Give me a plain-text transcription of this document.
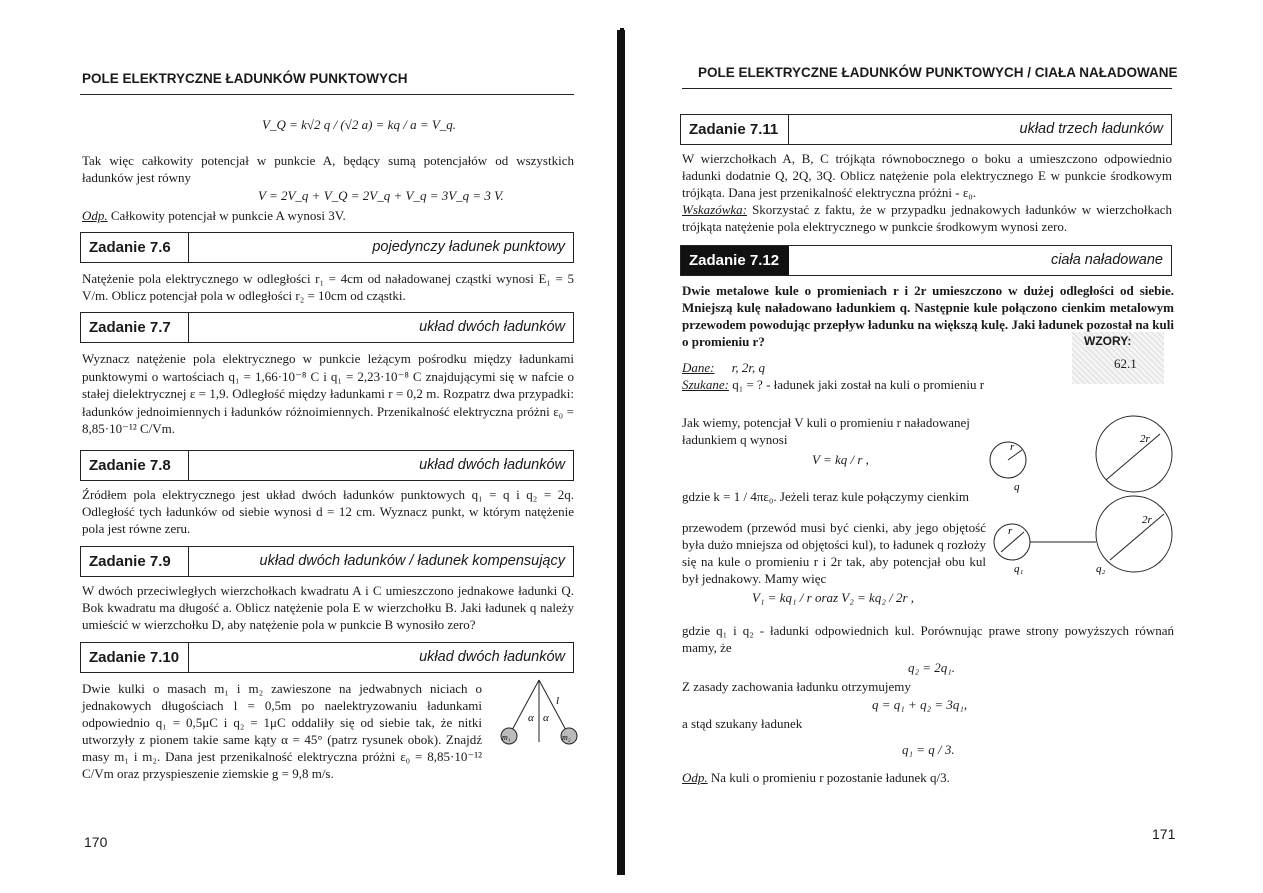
POLE ELEKTRYCZNE ŁADUNKÓW PUNKTOWYCH
V_Q = k√2 q / (√2 a) = kq / a = V_q.
Tak więc całkowity potencjał w punkcie A, będący sumą potencjałów od wszystkich ładunków jest równy
V = 2V_q + V_Q = 2V_q + V_q = 3V_q = 3 V.
Odp. Całkowity potencjał w punkcie A wynosi 3V.
Zadanie 7.6	pojedynczy ładunek punktowy
Natężenie pola elektrycznego w odległości r₁ = 4cm od naładowanej cząstki wynosi E₁ = 5 V/m. Oblicz potencjał pola w odległości r₂ = 10cm od cząstki.
Zadanie 7.7	układ dwóch ładunków
Wyznacz natężenie pola elektrycznego w punkcie leżącym pośrodku między ładunkami punktowymi o wartościach q₁ = 1,66·10⁻⁸ C i q₁ = 2,23·10⁻⁸ C znajdującymi się w nafcie o stałej dielektrycznej ε = 1,9. Odległość między ładunkami r = 0,2 m. Rozpatrz dwa przypadki: ładunków jednoimiennych i ładunków różnoimiennych. Przenikalność elektryczna próżni ε₀ = 8,85·10⁻¹² C/Vm.
Zadanie 7.8	układ dwóch ładunków
Źródłem pola elektrycznego jest układ dwóch ładunków punktowych q₁ = q i q₂ = 2q. Odległość tych ładunków od siebie wynosi d = 12 cm. Wyznacz punkt, w którym natężenie pola jest równe zeru.
Zadanie 7.9	układ dwóch ładunków / ładunek kompensujący
W dwóch przeciwległych wierzchołkach kwadratu A i C umieszczono jednakowe ładunki Q. Bok kwadratu ma długość a. Oblicz natężenie pola E w wierzchołku B. Jaki ładunek q należy umieścić w wierzchołku D, aby natężenie pola w punkcie B wynosiło zero?
Zadanie 7.10	układ dwóch ładunków
Dwie kulki o masach m₁ i m₂ zawieszone na jedwabnych niciach o jednakowych długościach l = 0,5m po naelektryzowaniu ładunkami odpowiednio q₁ = 0,5μC i q₂ = 1μC oddaliły się od siebie tak, że nitki utworzyły z pionem takie same kąty α = 45° (patrz rysunek obok). Znajdź masy m₁ i m₂. Dana jest przenikalność elektryczna próżni ε₀ = 8,85·10⁻¹² C/Vm oraz przyspieszenie ziemskie g = 9,8 m/s.
α α
l
m₁	m₂
170
POLE ELEKTRYCZNE ŁADUNKÓW PUNKTOWYCH / CIAŁA NAŁADOWANE
Zadanie 7.11	układ trzech ładunków
W wierzchołkach A, B, C trójkąta równobocznego o boku a umieszczono odpowiednio ładunki dodatnie Q, 2Q, 3Q. Oblicz natężenie pola elektrycznego E w punkcie środkowym trójkąta. Dana jest przenikalność elektryczna próżni - ε₀.
Wskazówka: Skorzystać z faktu, że w przypadku jednakowych ładunków w wierzchołkach trójkąta natężenie pola elektrycznego w punkcie środkowym wynosi zero.
Zadanie 7.12	ciała naładowane
Dwie metalowe kule o promieniach r i 2r umieszczono w dużej odległości od siebie. Mniejszą kulę naładowano ładunkiem q. Następnie kule połączono cienkim metalowym przewodem powodując przepływ ładunku na większą kulę. Jaki ładunek pozostał na kuli o promieniu r?	WZORY:
62.1
Dane: r, 2r, q
Szukane: q₁ = ? - ładunek jaki został na kuli o promieniu r
Jak wiemy, potencjał V kuli o promieniu r naładowanej ładunkiem q wynosi
V = kq / r ,
gdzie k = 1 / 4πε₀. Jeżeli teraz kule połączymy cienkim
przewodem (przewód musi być cienki, aby jego objętość była dużo mniejsza od objętości kul), to ładunek q rozłoży się na kule o promieniu r i 2r tak, aby potencjał obu kul był jednakowy. Mamy więc
V₁ = kq₁ / r oraz V₂ = kq₂ / 2r ,
gdzie q₁ i q₂ - ładunki odpowiednich kul. Porównując prawe strony powyższych równań mamy, że
q₂ = 2q₁.
Z zasady zachowania ładunku otrzymujemy
q = q₁ + q₂ = 3q₁,
a stąd szukany ładunek
q₁ = q / 3.
Odp. Na kuli o promieniu r pozostanie ładunek q/3.
r
q
2r
r
2r
q₁	q₂
171
